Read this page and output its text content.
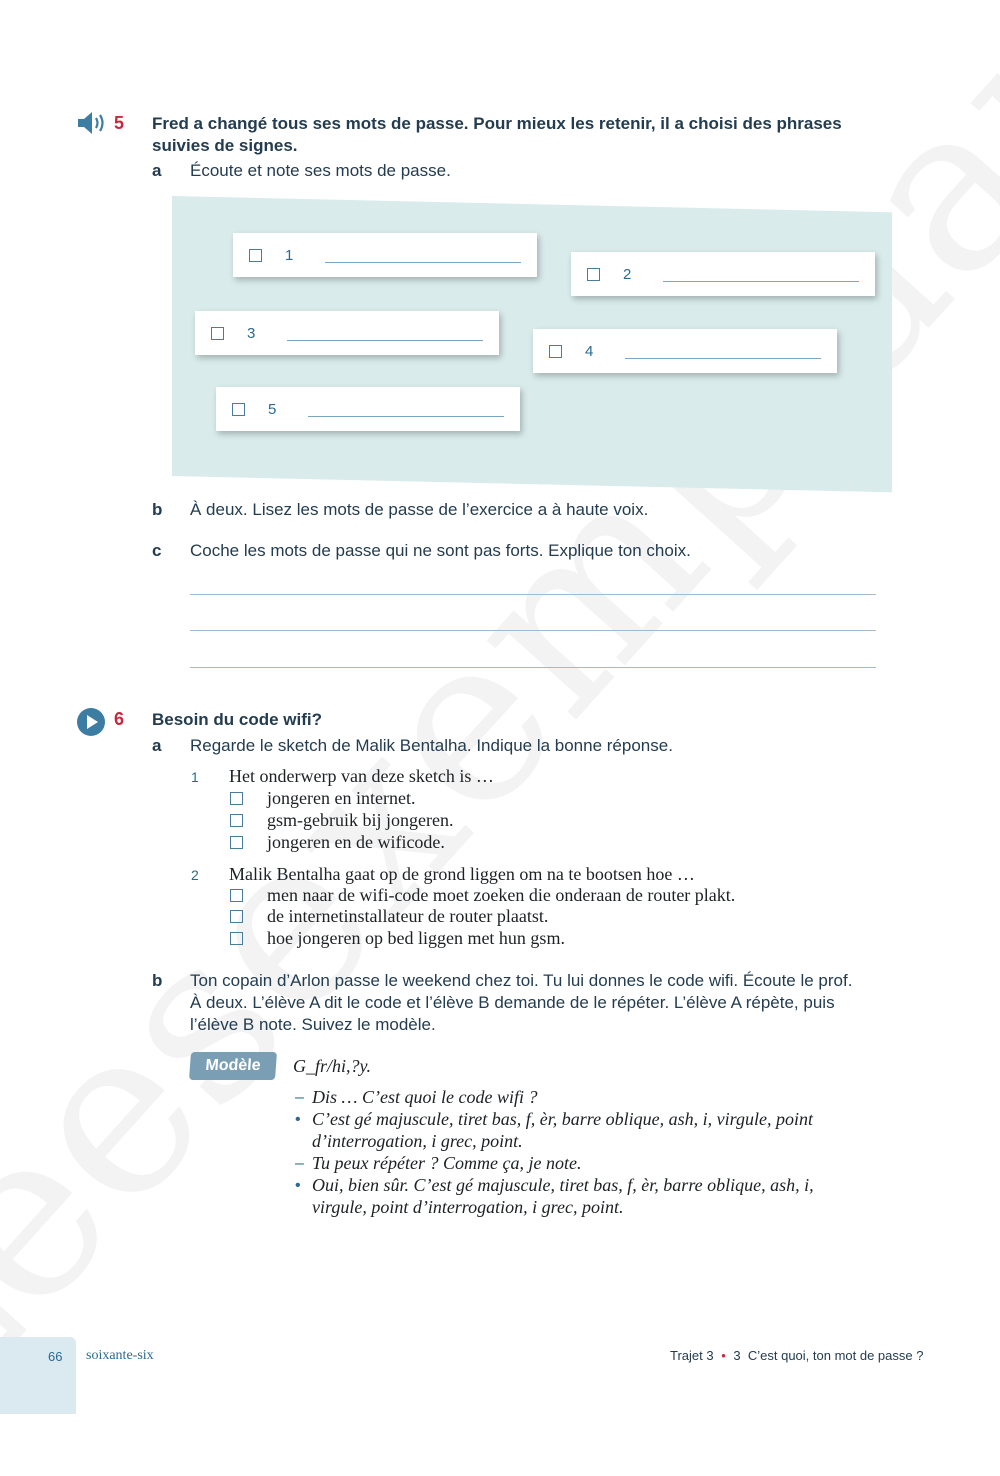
5 Fred a changé tous ses mots de passe. Pour mieux les retenir, il a choisi des phrases suivies de signes.
a Écoute et note ses mots de passe.
1
2
3
4
5
b À deux. Lisez les mots de passe de l’exercice a à haute voix.
c Coche les mots de passe qui ne sont pas forts. Explique ton choix.
6 Besoin du code wifi?
a Regarde le sketch de Malik Bentalha. Indique la bonne réponse.
1 Het onderwerp van deze sketch is …
jongeren en internet.
gsm-gebruik bij jongeren.
jongeren en de wificode.
2 Malik Bentalha gaat op de grond liggen om na te bootsen hoe …
men naar de wifi-code moet zoeken die onderaan de router plakt.
de internetinstallateur de router plaatst.
hoe jongeren op bed liggen met hun gsm.
b Ton copain d’Arlon passe le weekend chez toi. Tu lui donnes le code wifi. Écoute le prof.
À deux. L’élève A dit le code et l’élève B demande de le répéter. L’élève A répète, puis
l’élève B note. Suivez le modèle.
Modèle	G_fr/hi,?y.
– Dis … C’est quoi le code wifi ?
• C’est gé majuscule, tiret bas, f, èr, barre oblique, ash, i, virgule, point
d’interrogation, i grec, point.
– Tu peux répéter ? Comme ça, je note.
• Oui, bien sûr. C’est gé majuscule, tiret bas, f, èr, barre oblique, ash, i,
virgule, point d’interrogation, i grec, point.
66 soixante-six	Trajet 3 • 3  C’est quoi, ton mot de passe ?
